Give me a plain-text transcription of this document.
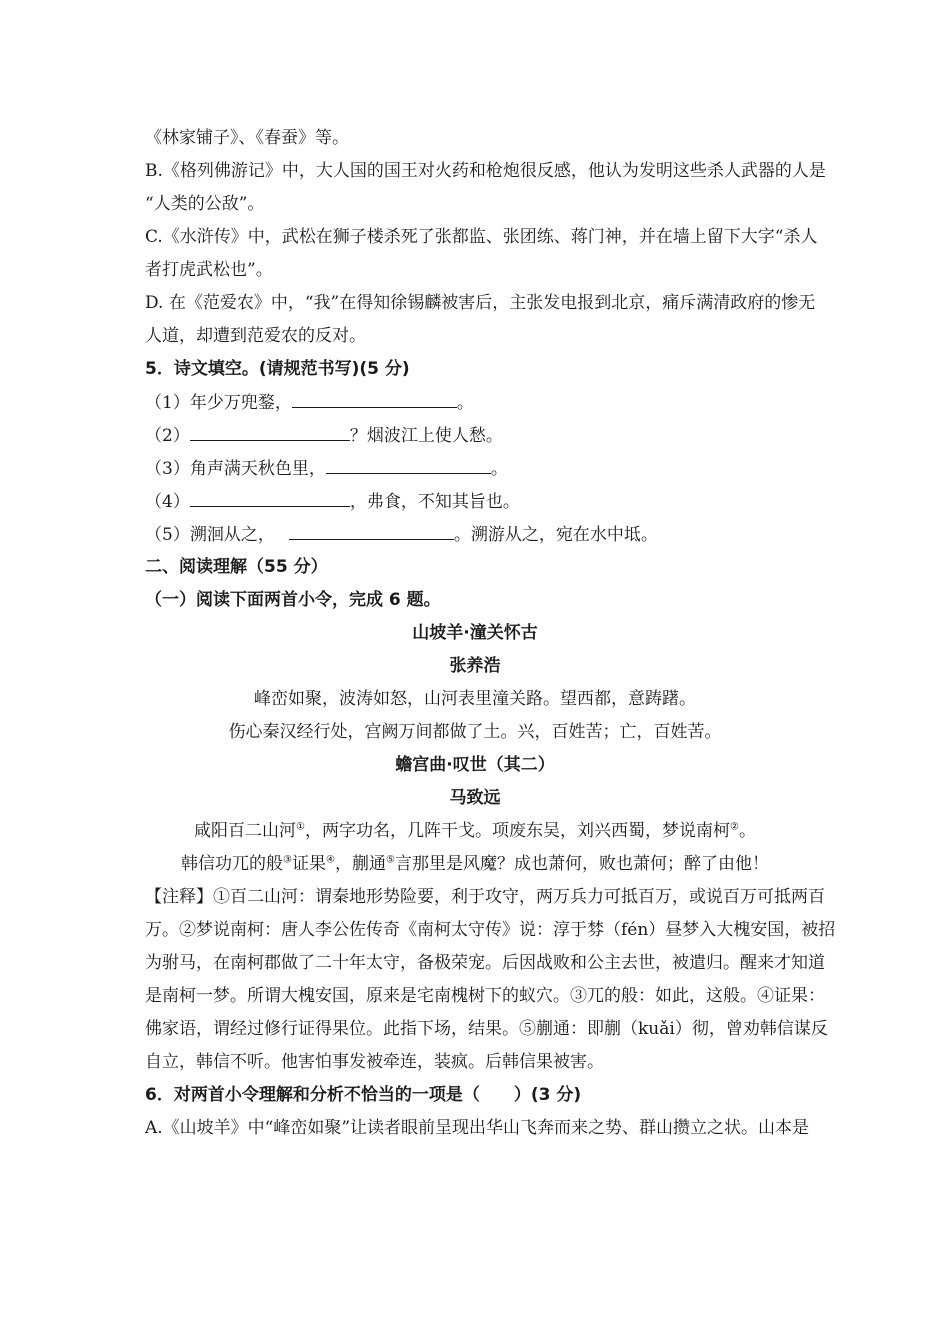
《林家铺子》、《春蚕》等。
B.《格列佛游记》中，大人国的国王对火药和枪炮很反感，他认为发明这些杀人武器的人是
“人类的公敌”。
C.《水浒传》中，武松在狮子楼杀死了张都监、张团练、蒋门神，并在墙上留下大字“杀人
者打虎武松也”。
D. 在《范爱农》中，“我”在得知徐锡麟被害后，主张发电报到北京，痛斥满清政府的惨无
人道，却遭到范爱农的反对。
5．诗文填空。(请规范书写)(5 分)
（1）年少万兜鍪，	。
（2）	？烟波江上使人愁。
（3）角声满天秋色里，	。
（4）	，弗食，不知其旨也。
（5）溯洄从之，	。溯游从之，宛在水中坻。
二、阅读理解（55 分）
（一）阅读下面两首小令，完成 6 题。
山坡羊·潼关怀古
张养浩
峰峦如聚，波涛如怒，山河表里潼关路。望西都，意踌躇。
伤心秦汉经行处，宫阙万间都做了土。兴，百姓苦；亡，百姓苦。
蟾宫曲·叹世（其二）
马致远
咸阳百二山河①，两字功名，几阵干戈。项废东吴，刘兴西蜀，梦说南柯②。
韩信功兀的般③证果④，蒯通⑤言那里是风魔？成也萧何，败也萧何；醉了由他！
【注释】①百二山河：谓秦地形势险要，利于攻守，两万兵力可抵百万，或说百万可抵两百
万。②梦说南柯：唐人李公佐传奇《南柯太守传》说：淳于棼（fén）昼梦入大槐安国，被招
为驸马，在南柯郡做了二十年太守，备极荣宠。后因战败和公主去世，被遣归。醒来才知道
是南柯一梦。所谓大槐安国，原来是宅南槐树下的蚁穴。③兀的般：如此，这般。④证果：
佛家语，谓经过修行证得果位。此指下场，结果。⑤蒯通：即蒯（kuǎi）彻，曾劝韩信谋反
自立，韩信不听。他害怕事发被牵连，装疯。后韩信果被害。
6．对两首小令理解和分析不恰当的一项是（　　）(3 分)
A.《山坡羊》中“峰峦如聚”让读者眼前呈现出华山飞奔而来之势、群山攒立之状。山本是
